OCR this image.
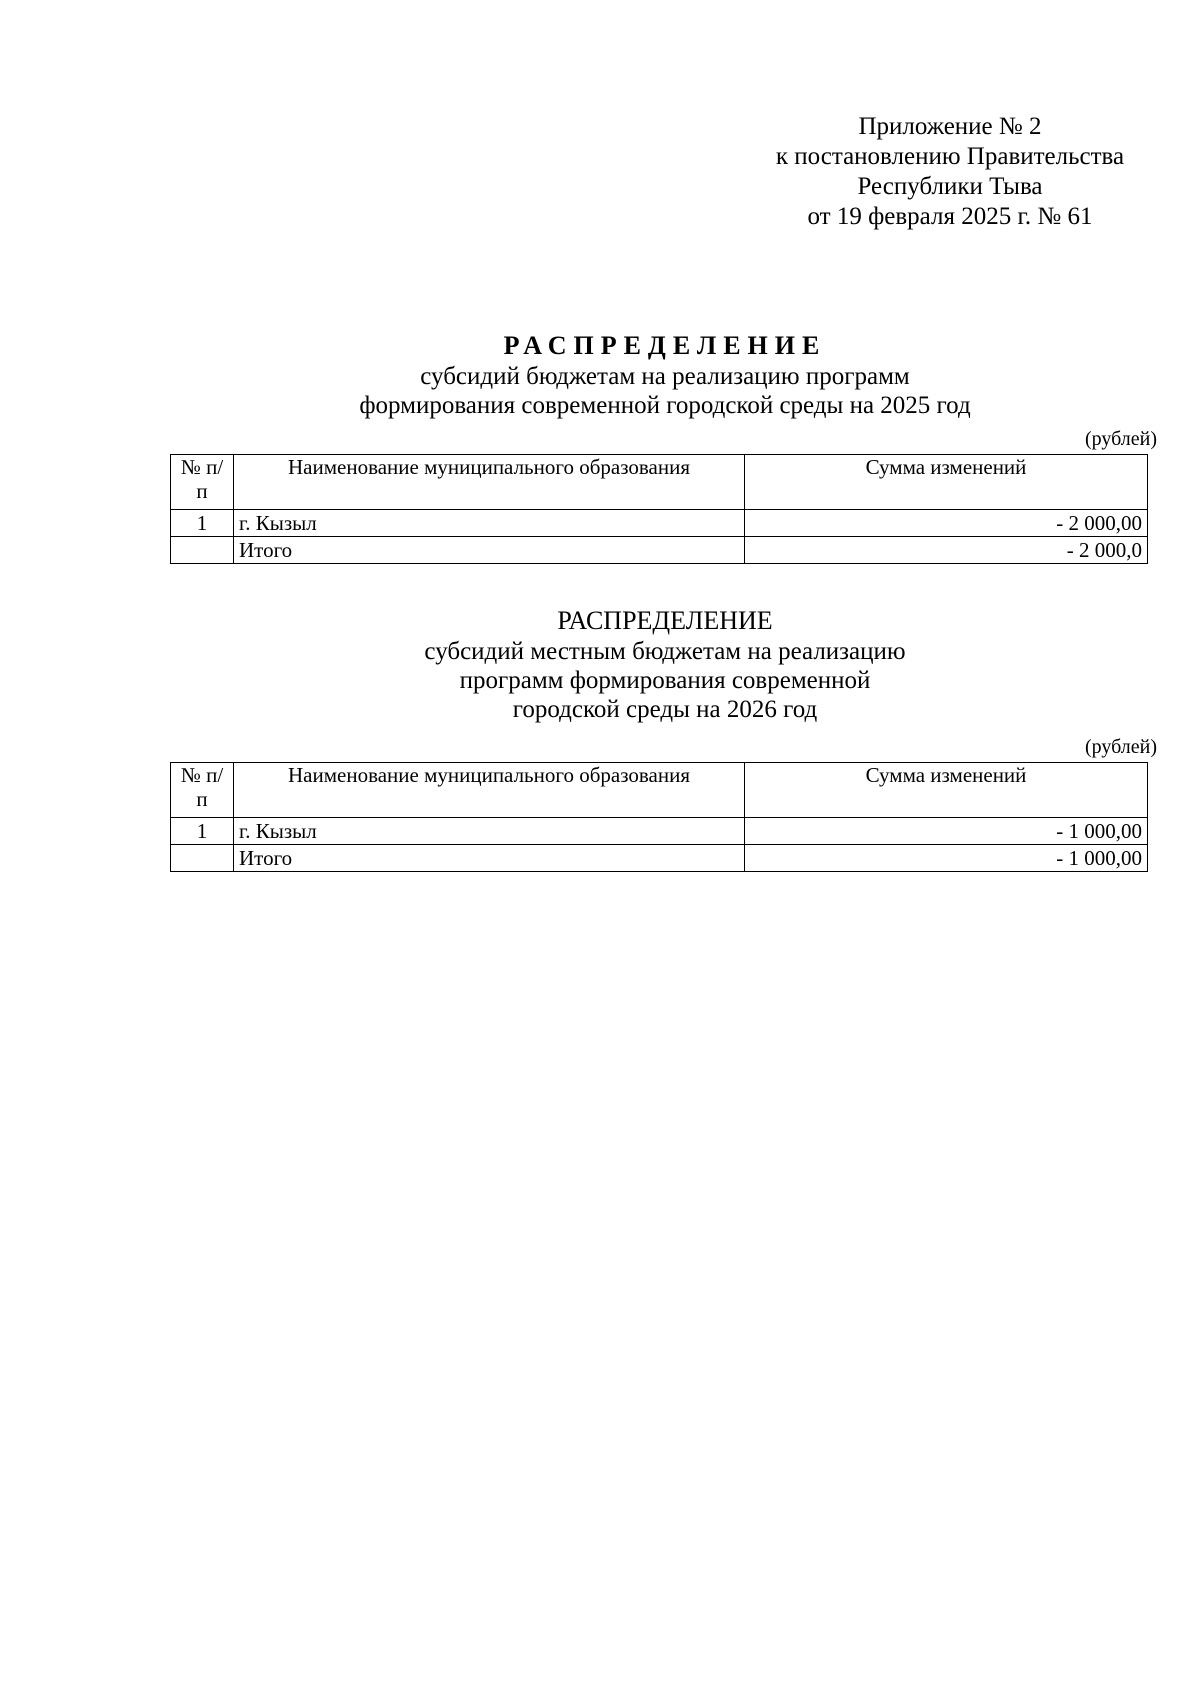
Приложение № 2
к постановлению Правительства
Республики Тыва
от 19 февраля 2025 г. № 61
РАСПРЕДЕЛЕНИЕ
субсидий бюджетам на реализацию программ
формирования современной городской среды на 2025 год
(рублей)
№ п/п	Наименование муниципального образования	Сумма изменений
1	г. Кызыл	- 2 000,00
	Итого	- 2 000,0
РАСПРЕДЕЛЕНИЕ
субсидий местным бюджетам на реализацию
программ формирования современной
городской среды на 2026 год
(рублей)
№ п/п	Наименование муниципального образования	Сумма изменений
1	г. Кызыл	- 1 000,00
	Итого	- 1 000,00
